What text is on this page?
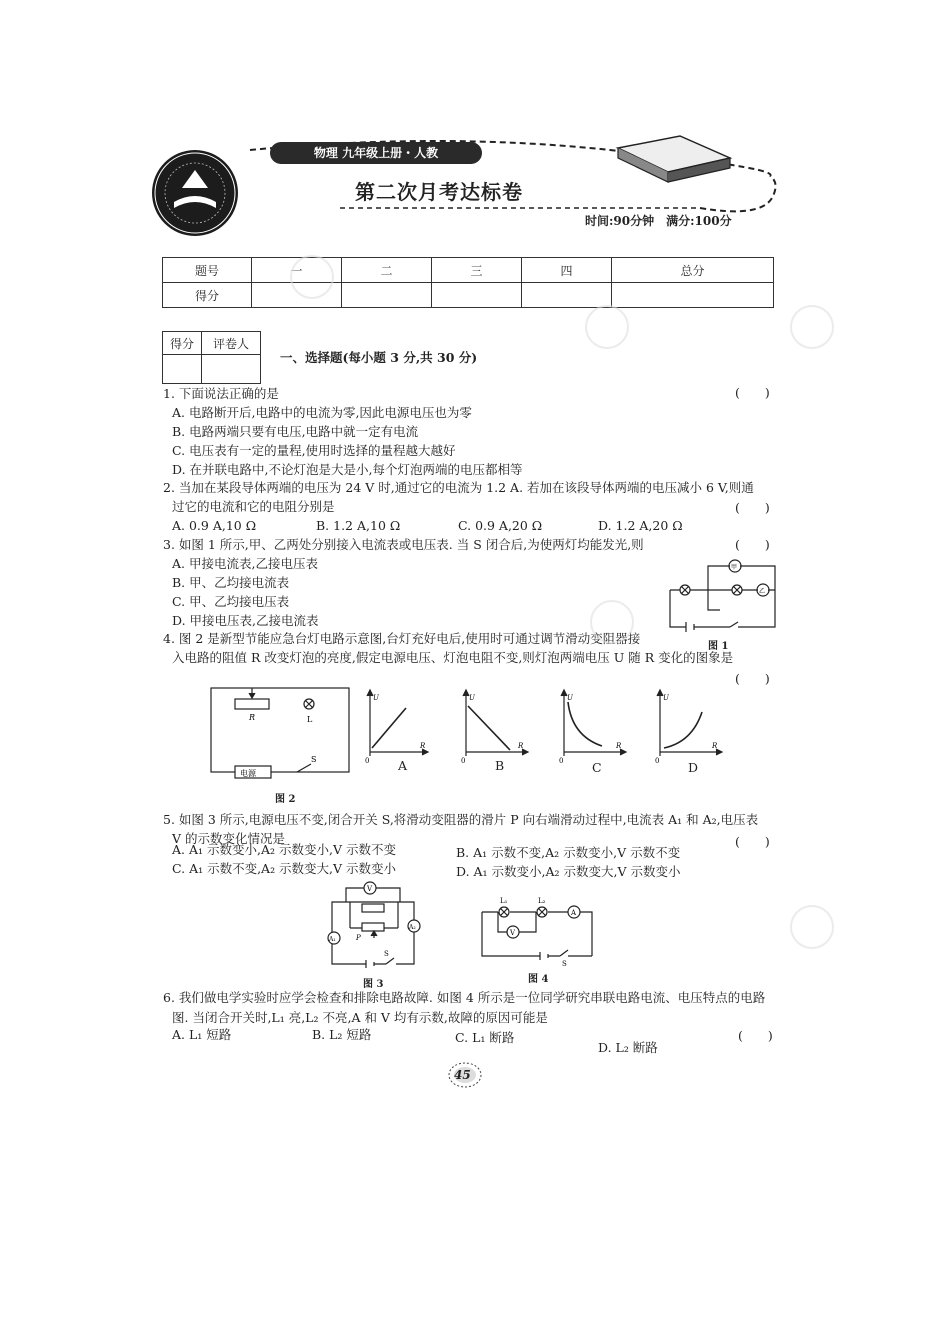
物理 九年级上册・人教
第二次月考达标卷
时间:90分钟　满分:100分
题号	一	二	三	四	总分
得分					
得分	评卷人

一、选择题(每小题 3 分,共 30 分)
1. 下面说法正确的是	(　　)
A. 电路断开后,电路中的电流为零,因此电源电压也为零
B. 电路两端只要有电压,电路中就一定有电流
C. 电压表有一定的量程,使用时选择的量程越大越好
D. 在并联电路中,不论灯泡是大是小,每个灯泡两端的电压都相等
2. 当加在某段导体两端的电压为 24 V 时,通过它的电流为 1.2 A. 若加在该段导体两端的电压减小 6 V,则通
过它的电流和它的电阻分别是	(　　)
A. 0.9 A,10 Ω	B. 1.2 A,10 Ω	C. 0.9 A,20 Ω	D. 1.2 A,20 Ω
3. 如图 1 所示,甲、乙两处分别接入电流表或电压表. 当 S 闭合后,为使两灯均能发光,则	(　　)
A. 甲接电流表,乙接电压表
B. 甲、乙均接电流表
C. 甲、乙均接电压表
D. 甲接电压表,乙接电流表
甲
乙
图 1
4. 图 2 是新型节能应急台灯电路示意图,台灯充好电后,使用时可通过调节滑动变阻器接
入电路的阻值 R 改变灯泡的亮度,假定电源电压、灯泡电阻不变,则灯泡两端电压 U 随 R 变化的图象是
(　　)
R	L
S
电源
图 2
U
R
0 A
U
R
0 B
U
R
0 C
U
R
0 D
5. 如图 3 所示,电源电压不变,闭合开关 S,将滑动变阻器的滑片 P 向右端滑动过程中,电流表 A₁ 和 A₂,电压表
V 的示数变化情况是	(　　)
A. A₁ 示数变小,A₂ 示数变小,V 示数不变	B. A₁ 示数不变,A₂ 示数变小,V 示数不变
C. A₁ 示数不变,A₂ 示数变大,V 示数变小	D. A₁ 示数变小,A₂ 示数变大,V 示数变小
V
P
S
A₁
A₂
图 3
L₁	L₂
A
V
S
图 4
6. 我们做电学实验时应学会检查和排除电路故障. 如图 4 所示是一位同学研究串联电路电流、电压特点的电路
图. 当闭合开关时,L₁ 亮,L₂ 不亮,A 和 V 均有示数,故障的原因可能是
(　　)
A. L₁ 短路	B. L₂ 短路	C. L₁ 断路
D. L₂ 断路
45
